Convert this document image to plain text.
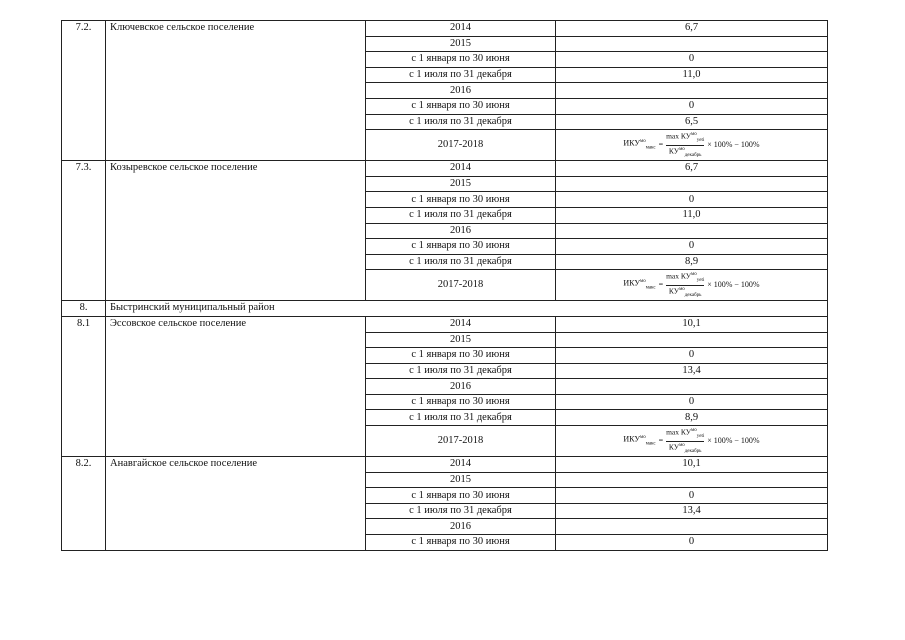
7.2.	Ключевское сельское поселение	2014	6,7
		2015	
		с 1 января по 30 июня	0
		с 1 июля по 31 декабря	11,0
		2016	
		с 1 января по 30 июня	0
		с 1 июля по 31 декабря	6,5
		2017-2018	$ИКУ^{мо}_{макс} = \frac{\max КУ^{мо}_{yeti}}{КУ^{мо}_{декабрь}} \times 100\% - 100\%$

7.3.	Козыревское сельское поселение	2014	6,7
		2015	
		с 1 января по 30 июня	0
		с 1 июля по 31 декабря	11,0
		2016	
		с 1 января по 30 июня	0
		с 1 июля по 31 декабря	8,9
		2017-2018	$ИКУ^{мо}_{макс} = \frac{\max КУ^{мо}_{yeti}}{КУ^{мо}_{декабрь}} \times 100\% - 100\%$

8.	Быстринский муниципальный район		
8.1	Эссовское сельское поселение	2014	10,1
		2015	
		с 1 января по 30 июня	0
		с 1 июля по 31 декабря	13,4
		2016	
		с 1 января по 30 июня	0
		с 1 июля по 31 декабря	8,9
		2017-2018	$ИКУ^{мо}_{макс} = \frac{\max КУ^{мо}_{yeti}}{КУ^{мо}_{декабрь}} \times 100\% - 100\%$

8.2.	Анавгайское сельское поселение	2014	10,1
		2015	
		с 1 января по 30 июня	0
		с 1 июля по 31 декабря	13,4
		2016	
		с 1 января по 30 июня	0
